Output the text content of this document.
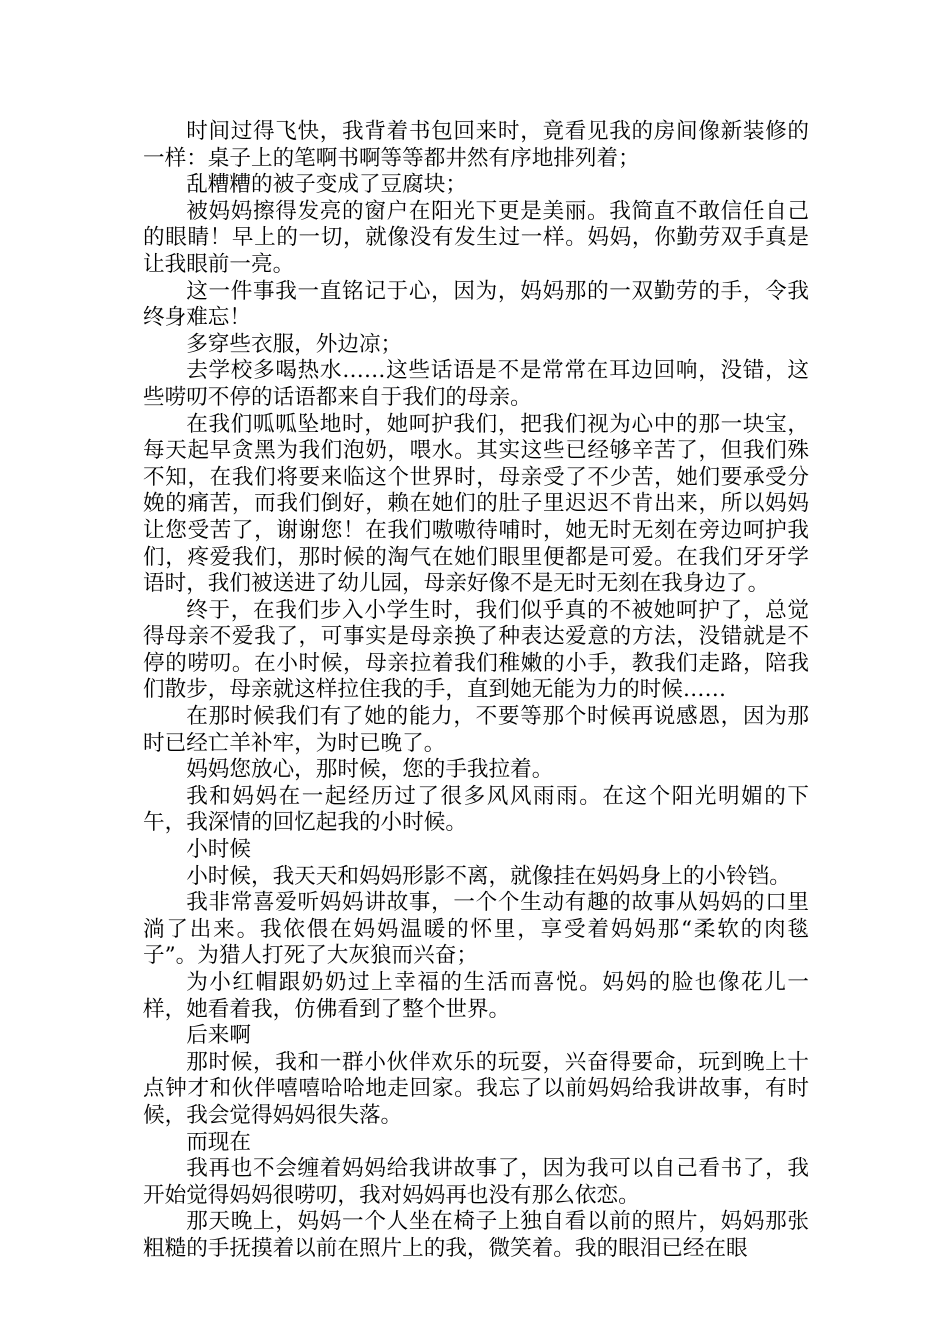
时间过得飞快，我背着书包回来时，竟看见我的房间像新装修的一样：桌子上的笔啊书啊等等都井然有序地排列着；

乱糟糟的被子变成了豆腐块；

被妈妈擦得发亮的窗户在阳光下更是美丽。我简直不敢信任自己的眼睛！早上的一切，就像没有发生过一样。妈妈，你勤劳双手真是让我眼前一亮。

这一件事我一直铭记于心，因为，妈妈那的一双勤劳的手，令我终身难忘！

多穿些衣服，外边凉；

去学校多喝热水……这些话语是不是常常在耳边回响，没错，这些唠叨不停的话语都来自于我们的母亲。

在我们呱呱坠地时，她呵护我们，把我们视为心中的那一块宝，每天起早贪黑为我们泡奶，喂水。其实这些已经够辛苦了，但我们殊不知，在我们将要来临这个世界时，母亲受了不少苦，她们要承受分娩的痛苦，而我们倒好，赖在她们的肚子里迟迟不肯出来，所以妈妈让您受苦了，谢谢您！在我们嗷嗷待哺时，她无时无刻在旁边呵护我们，疼爱我们，那时候的淘气在她们眼里便都是可爱。在我们牙牙学语时，我们被送进了幼儿园，母亲好像不是无时无刻在我身边了。

终于，在我们步入小学生时，我们似乎真的不被她呵护了，总觉得母亲不爱我了，可事实是母亲换了种表达爱意的方法，没错就是不停的唠叨。在小时候，母亲拉着我们稚嫩的小手，教我们走路，陪我们散步，母亲就这样拉住我的手，直到她无能为力的时候……

在那时候我们有了她的能力，不要等那个时候再说感恩，因为那时已经亡羊补牢，为时已晚了。

妈妈您放心，那时候，您的手我拉着。

我和妈妈在一起经历过了很多风风雨雨。在这个阳光明媚的下午，我深情的回忆起我的小时候。

小时候

小时候，我天天和妈妈形影不离，就像挂在妈妈身上的小铃铛。

我非常喜爱听妈妈讲故事，一个个生动有趣的故事从妈妈的口里淌了出来。我依偎在妈妈温暖的怀里，享受着妈妈那“柔软的肉毯子”。为猎人打死了大灰狼而兴奋；

为小红帽跟奶奶过上幸福的生活而喜悦。妈妈的脸也像花儿一样，她看着我，仿佛看到了整个世界。

后来啊

那时候，我和一群小伙伴欢乐的玩耍，兴奋得要命，玩到晚上十点钟才和伙伴嘻嘻哈哈地走回家。我忘了以前妈妈给我讲故事，有时候，我会觉得妈妈很失落。

而现在

我再也不会缠着妈妈给我讲故事了，因为我可以自己看书了，我开始觉得妈妈很唠叨，我对妈妈再也没有那么依恋。

那天晚上，妈妈一个人坐在椅子上独自看以前的照片，妈妈那张粗糙的手抚摸着以前在照片上的我，微笑着。我的眼泪已经在眼
